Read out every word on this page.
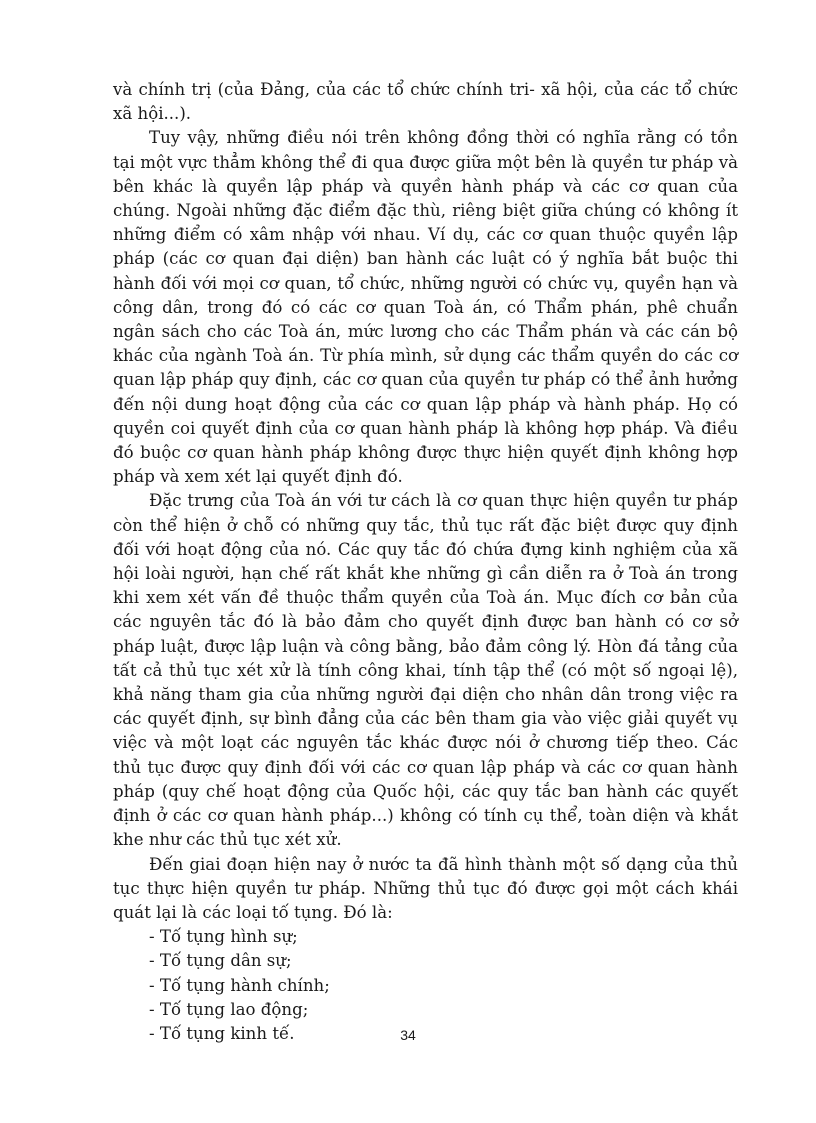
và chính trị (của Đảng, của các tổ chức chính tri- xã hội, của các tổ chức xã hội...).

Tuy vậy, những điều nói trên không đồng thời có nghĩa rằng có tồn tại một vực thẳm không thể đi qua được giữa một bên là quyền tư pháp và bên khác là quyền lập pháp và quyền hành pháp và các cơ quan của chúng. Ngoài những đặc điểm đặc thù, riêng biệt giữa chúng có không ít những điểm có xâm nhập với nhau. Ví dụ, các cơ quan thuộc quyền lập pháp (các cơ quan đại diện) ban hành các luật có ý nghĩa bắt buộc thi hành đối với mọi cơ quan, tổ chức, những người có chức vụ, quyền hạn và công dân, trong đó có các cơ quan Toà án, có Thẩm phán, phê chuẩn ngân sách cho các Toà án, mức lương cho các Thẩm phán và các cán bộ khác của ngành Toà án. Từ phía mình, sử dụng các thẩm quyền do các cơ quan lập pháp quy định, các cơ quan của quyền tư pháp có thể ảnh hưởng đến nội dung hoạt động của các cơ quan lập pháp và hành pháp. Họ có quyền coi quyết định của cơ quan hành pháp là không hợp pháp. Và điều đó buộc cơ quan hành pháp không được thực hiện quyết định không hợp pháp và xem xét lại quyết định đó.

Đặc trưng của Toà án với tư cách là cơ quan thực hiện quyền tư pháp còn thể hiện ở chỗ có những quy tắc, thủ tục rất đặc biệt được quy định đối với hoạt động của nó. Các quy tắc đó chứa đựng kinh nghiệm của xã hội loài người, hạn chế rất khắt khe những gì cần diễn ra ở Toà án trong khi xem xét vấn đề thuộc thẩm quyền của Toà án. Mục đích cơ bản của các nguyên tắc đó là bảo đảm cho quyết định được ban hành có cơ sở pháp luật, được lập luận và công bằng, bảo đảm công lý. Hòn đá tảng của tất cả thủ tục xét xử là tính công khai, tính tập thể (có một số ngoại lệ), khả năng tham gia của những người đại diện cho nhân dân trong việc ra các quyết định, sự bình đẳng của các bên tham gia vào việc giải quyết vụ việc và một loạt các nguyên tắc khác được nói ở chương tiếp theo. Các thủ tục được quy định đối với các cơ quan lập pháp và các cơ quan hành pháp (quy chế hoạt động của Quốc hội, các quy tắc ban hành các quyết định ở các cơ quan hành pháp...) không có tính cụ thể, toàn diện và khắt khe như các thủ tục xét xử.

Đến giai đoạn hiện nay ở nước ta đã hình thành một số dạng của thủ tục thực hiện quyền tư pháp. Những thủ tục đó được gọi một cách khái quát lại là các loại tố tụng. Đó là:

- Tố tụng hình sự;
- Tố tụng dân sự;
- Tố tụng hành chính;
- Tố tụng lao động;
- Tố tụng kinh tế.	34
